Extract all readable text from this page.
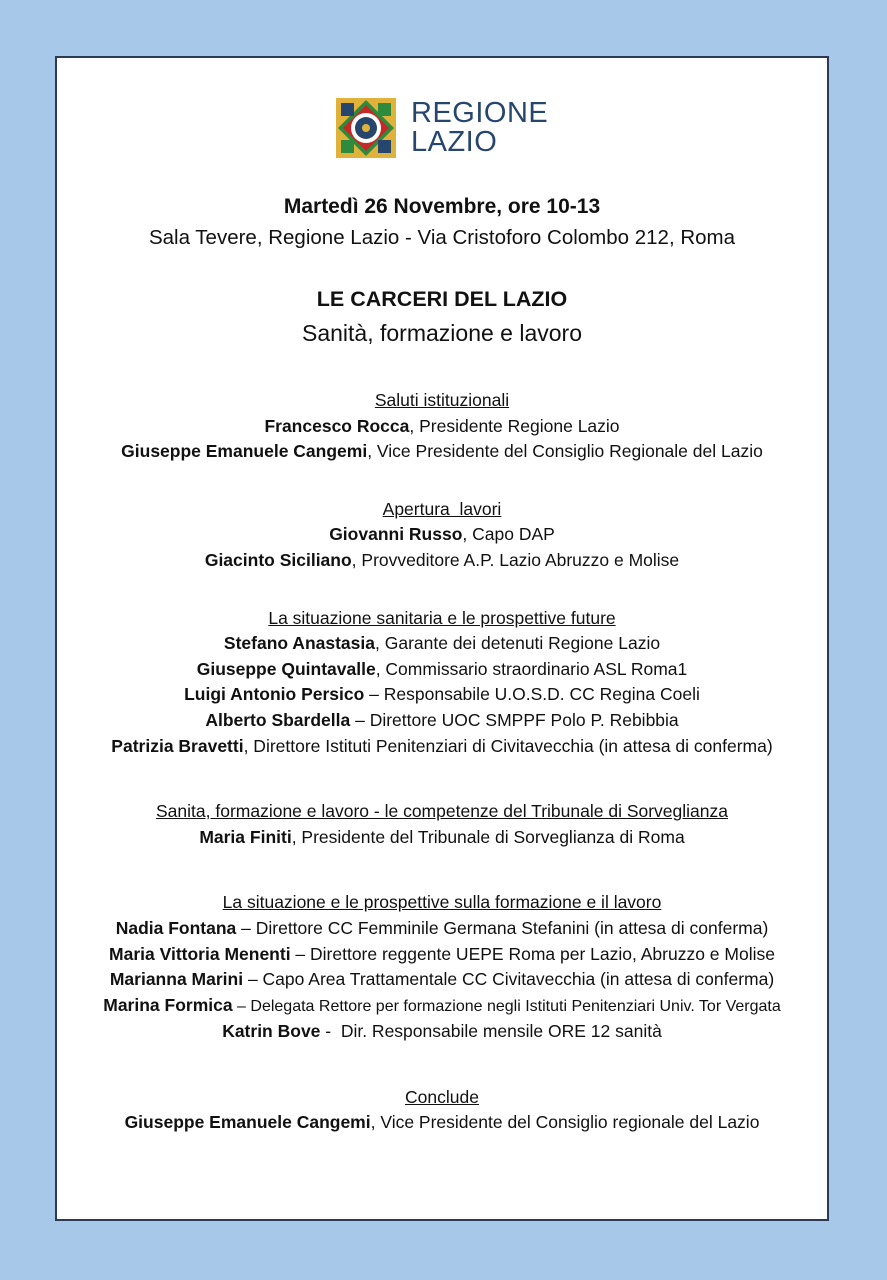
REGIONE
LAZIO
Martedì 26 Novembre, ore 10-13
Sala Tevere, Regione Lazio - Via Cristoforo Colombo 212, Roma
LE CARCERI DEL LAZIO
Sanità, formazione e lavoro
Saluti istituzionali
Francesco Rocca, Presidente Regione Lazio
Giuseppe Emanuele Cangemi, Vice Presidente del Consiglio Regionale del Lazio
Apertura  lavori
Giovanni Russo, Capo DAP
Giacinto Siciliano, Provveditore A.P. Lazio Abruzzo e Molise
La situazione sanitaria e le prospettive future
Stefano Anastasia, Garante dei detenuti Regione Lazio
Giuseppe Quintavalle, Commissario straordinario ASL Roma1
Luigi Antonio Persico – Responsabile U.O.S.D. CC Regina Coeli
Alberto Sbardella – Direttore UOC SMPPF Polo P. Rebibbia
Patrizia Bravetti, Direttore Istituti Penitenziari di Civitavecchia (in attesa di conferma)
Sanita, formazione e lavoro - le competenze del Tribunale di Sorveglianza
Maria Finiti, Presidente del Tribunale di Sorveglianza di Roma
La situazione e le prospettive sulla formazione e il lavoro
Nadia Fontana – Direttore CC Femminile Germana Stefanini (in attesa di conferma)
Maria Vittoria Menenti – Direttore reggente UEPE Roma per Lazio, Abruzzo e Molise
Marianna Marini – Capo Area Trattamentale CC Civitavecchia (in attesa di conferma)
Marina Formica – Delegata Rettore per formazione negli Istituti Penitenziari Univ. Tor Vergata
Katrin Bove -  Dir. Responsabile mensile ORE 12 sanità
Conclude
Giuseppe Emanuele Cangemi, Vice Presidente del Consiglio regionale del Lazio
